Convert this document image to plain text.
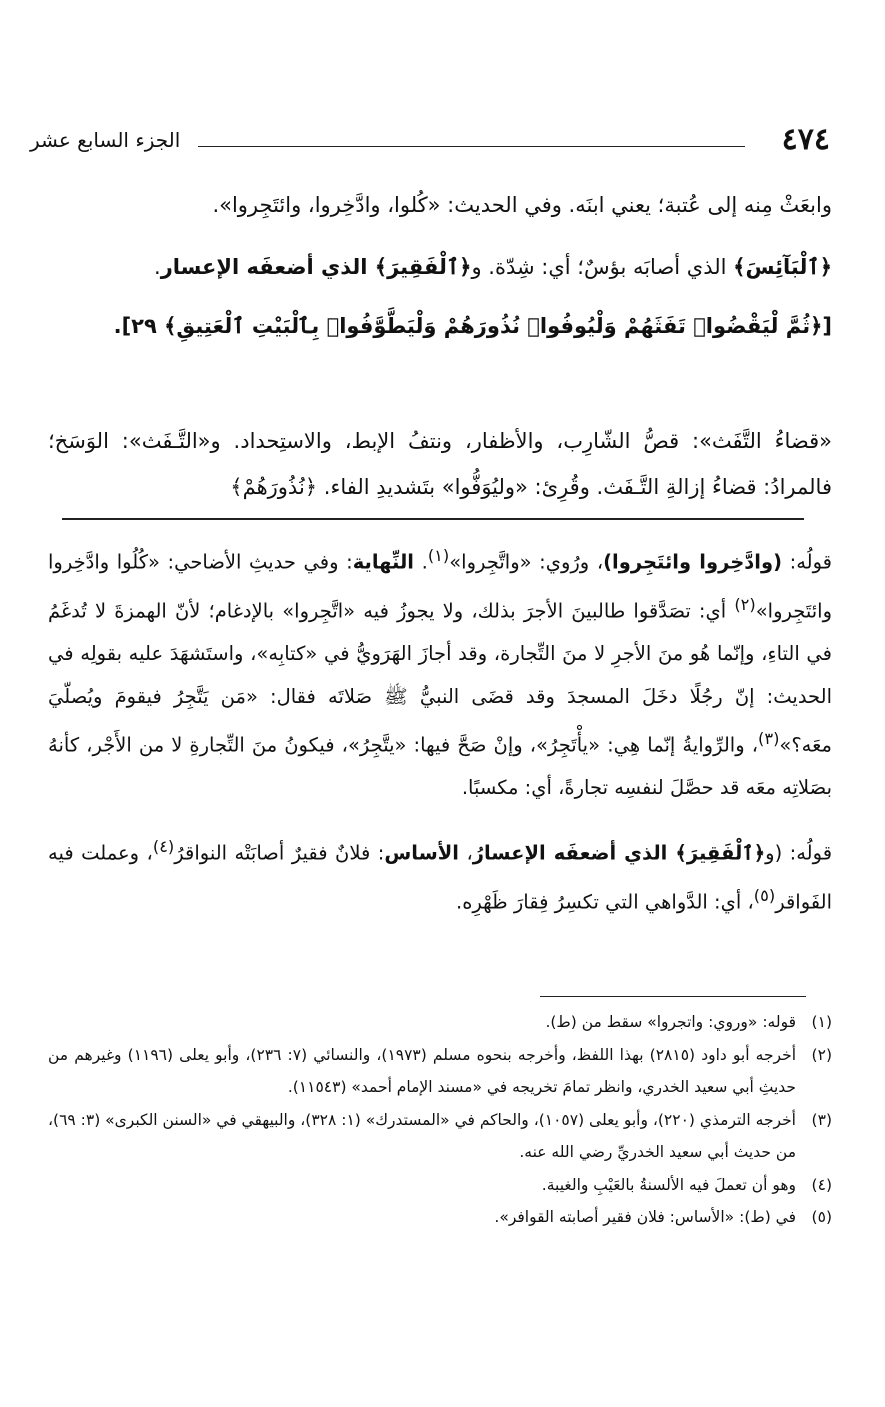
٤٧٤
الجزء السابع عشر
وابعَثْ مِنه إلى عُتبة؛ يعني ابنَه. وفي الحديث: «كُلوا، وادَّخِروا، وائتَجِروا».
﴿ٱلْبَآئِسَ﴾ الذي أصابَه بؤسٌ؛ أي: شِدّة. و﴿ٱلْفَقِيرَ﴾ الذي أضعفَه الإعسار.
[﴿ثُمَّ لْيَقْضُوا۟ تَفَثَهُمْ وَلْيُوفُوا۟ نُذُورَهُمْ وَلْيَطَّوَّفُوا۟ بِٱلْبَيْتِ ٱلْعَتِيقِ﴾ ٢٩].
«قضاءُ التَّفَث»: قصُّ الشّارِب، والأظفار، ونتفُ الإبط، والاستِحداد. و«التَّـفَث»: الوَسَخ؛ فالمرادُ: قضاءُ إزالةِ التَّـفَث. وقُرِئ: «وليُوَفُّوا» بتَشديدِ الفاء. ﴿نُذُورَهُمْ﴾

قولُه: (وادَّخِروا وائتَجِروا)، ورُوي: «واتَّجِروا»$^{(١)}$. النِّهاية: وفي حديثِ الأضاحي: «كُلُوا وادَّخِروا وائتَجِروا»$^{(٢)}$ أي: تصَدَّقوا طالبينَ الأجرَ بذلك، ولا يجوزُ فيه «اتَّجِروا» بالإدغام؛ لأنّ الهمزةَ لا تُدغَمُ في التاءِ، وإنّما هُو منَ الأجرِ لا منَ التِّجارة، وقد أجازَ الهَرَويُّ في «كتابِه»، واستَشهَدَ عليه بقولِه في الحديث: إنّ رجُلًا دخَلَ المسجدَ وقد قضَى النبيُّ ﷺ صَلاتَه فقال: «مَن يَتَّجِرُ فيقومَ ويُصلّيَ معَه؟»$^{(٣)}$، والرِّوايةُ إنّما هِي: «يأْتَجِرُ»، وإنْ صَحَّ فيها: «يتَّجِرُ»، فيكونُ منَ التِّجارةِ لا من الأَجْر، كأنهُ بصَلاتِه معَه قد حصَّلَ لنفسِه تجارةً، أي: مكسبًا.

قولُه: (و﴿ٱلْفَقِيرَ﴾ الذي أضعفَه الإعسارُ، الأساس: فلانٌ فقيرٌ أصابَتْه النواقرُ$^{(٤)}$، وعملت فيه الفَواقر$^{(٥)}$، أي: الدَّواهي التي تكسِرُ فِقارَ ظَهْرِه.

(١)
قوله: «وروي: واتجروا» سقط من (ط).
(٢)
أخرجه أبو داود (٢٨١٥) بهذا اللفظ، وأخرجه بنحوه مسلم (١٩٧٣)، والنسائي (٧: ٢٣٦)، وأبو يعلى (١١٩٦) وغيرهم من حديثِ أبي سعيد الخدري، وانظر تمامَ تخريجه في «مسند الإمام أحمد» (١١٥٤٣).
(٣)
أخرجه الترمذي (٢٢٠)، وأبو يعلى (١٠٥٧)، والحاكم في «المستدرك» (١: ٣٢٨)، والبيهقي في «السنن الكبرى» (٣: ٦٩)، من حديث أبي سعيد الخدريِّ رضي الله عنه.
(٤)
وهو أن تعملَ فيه الألسنةُ بالعَيْبِ والغيبة.
(٥)
في (ط): «الأساس: فلان فقير أصابته القوافر».
